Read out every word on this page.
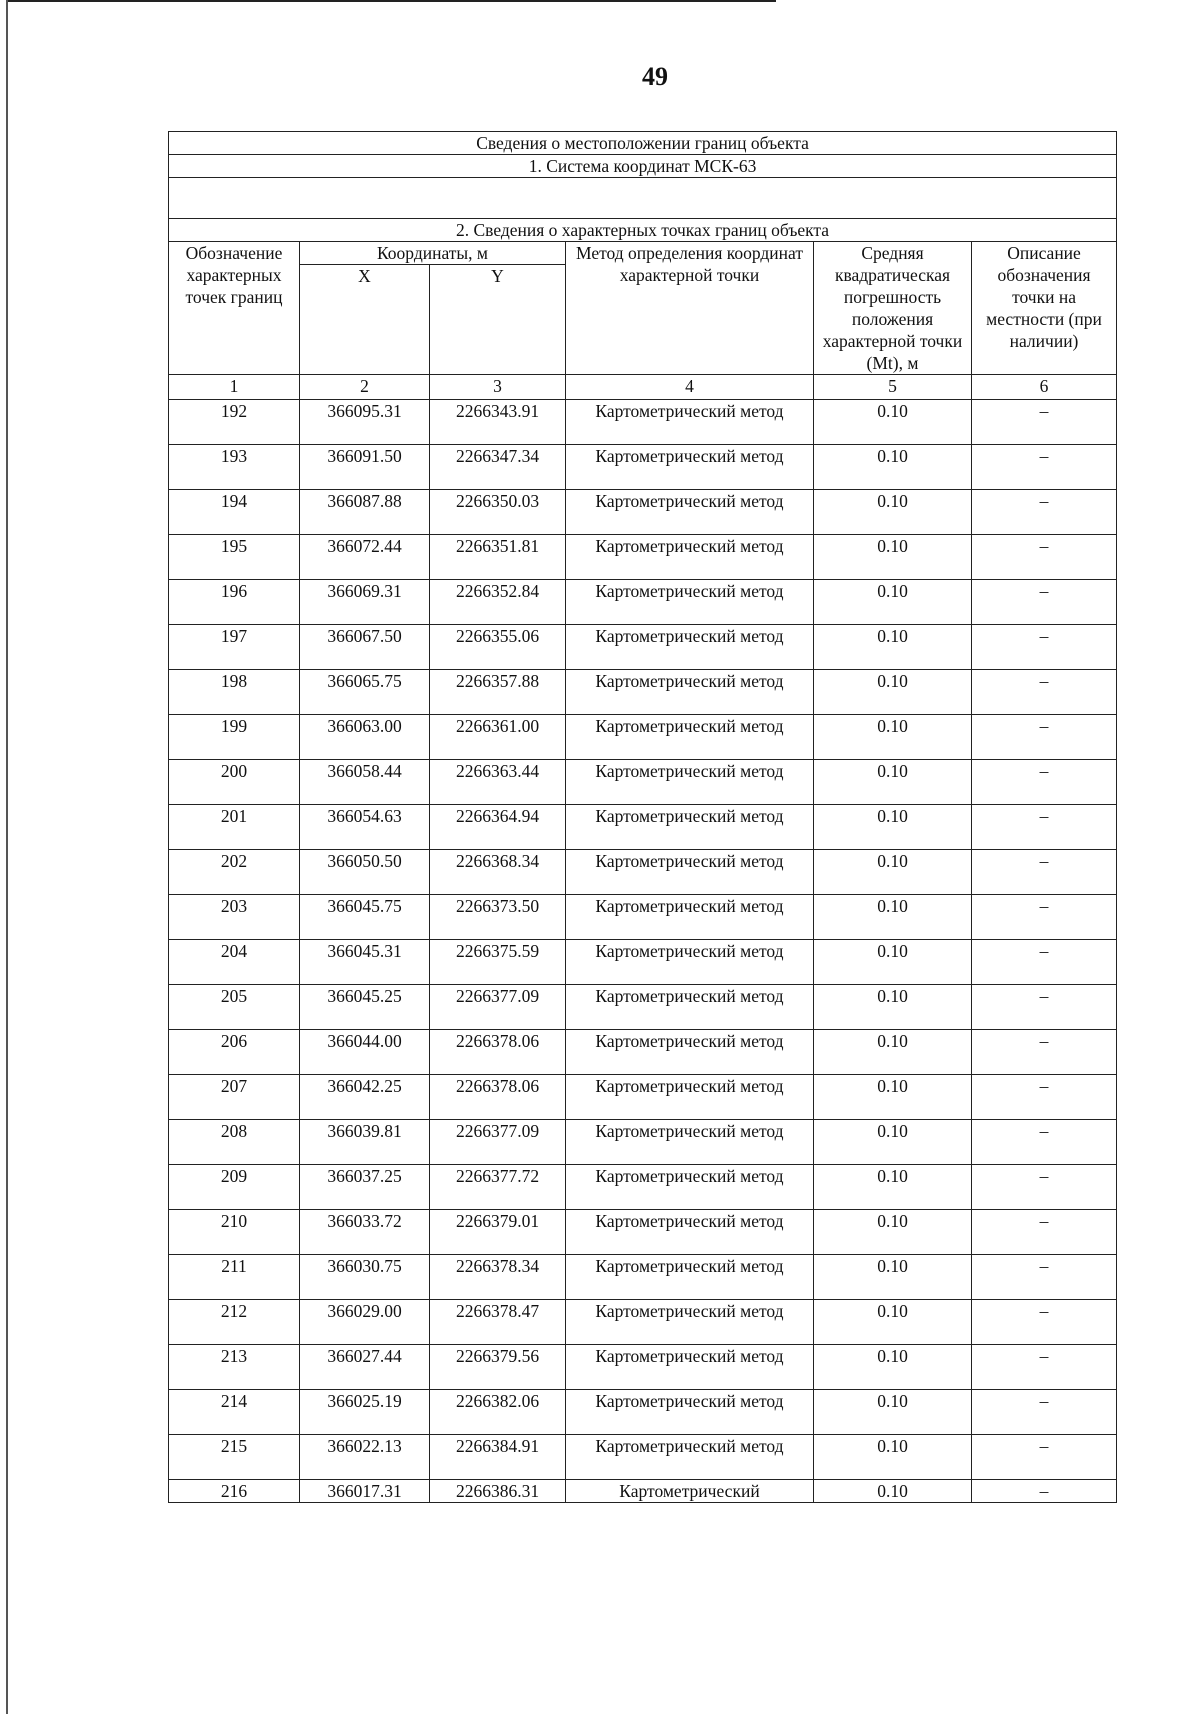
49
Сведения о местоположении границ объекта					
1. Система координат МСК-63					

2. Сведения о характерных точках границ объекта					
Обозначение характерных точек границ	Координаты, м		Метод определения координат характерной точки	Средняя квадратическая погрешность положения характерной точки (Mt), м	Описание обозначения точки на местности (при наличии)
	X	Y			
1	2	3	4	5	6
192	366095.31	2266343.91	Картометрический метод	0.10	–
193	366091.50	2266347.34	Картометрический метод	0.10	–
194	366087.88	2266350.03	Картометрический метод	0.10	–
195	366072.44	2266351.81	Картометрический метод	0.10	–
196	366069.31	2266352.84	Картометрический метод	0.10	–
197	366067.50	2266355.06	Картометрический метод	0.10	–
198	366065.75	2266357.88	Картометрический метод	0.10	–
199	366063.00	2266361.00	Картометрический метод	0.10	–
200	366058.44	2266363.44	Картометрический метод	0.10	–
201	366054.63	2266364.94	Картометрический метод	0.10	–
202	366050.50	2266368.34	Картометрический метод	0.10	–
203	366045.75	2266373.50	Картометрический метод	0.10	–
204	366045.31	2266375.59	Картометрический метод	0.10	–
205	366045.25	2266377.09	Картометрический метод	0.10	–
206	366044.00	2266378.06	Картометрический метод	0.10	–
207	366042.25	2266378.06	Картометрический метод	0.10	–
208	366039.81	2266377.09	Картометрический метод	0.10	–
209	366037.25	2266377.72	Картометрический метод	0.10	–
210	366033.72	2266379.01	Картометрический метод	0.10	–
211	366030.75	2266378.34	Картометрический метод	0.10	–
212	366029.00	2266378.47	Картометрический метод	0.10	–
213	366027.44	2266379.56	Картометрический метод	0.10	–
214	366025.19	2266382.06	Картометрический метод	0.10	–
215	366022.13	2266384.91	Картометрический метод	0.10	–
216	366017.31	2266386.31	Картометрический	0.10	–
